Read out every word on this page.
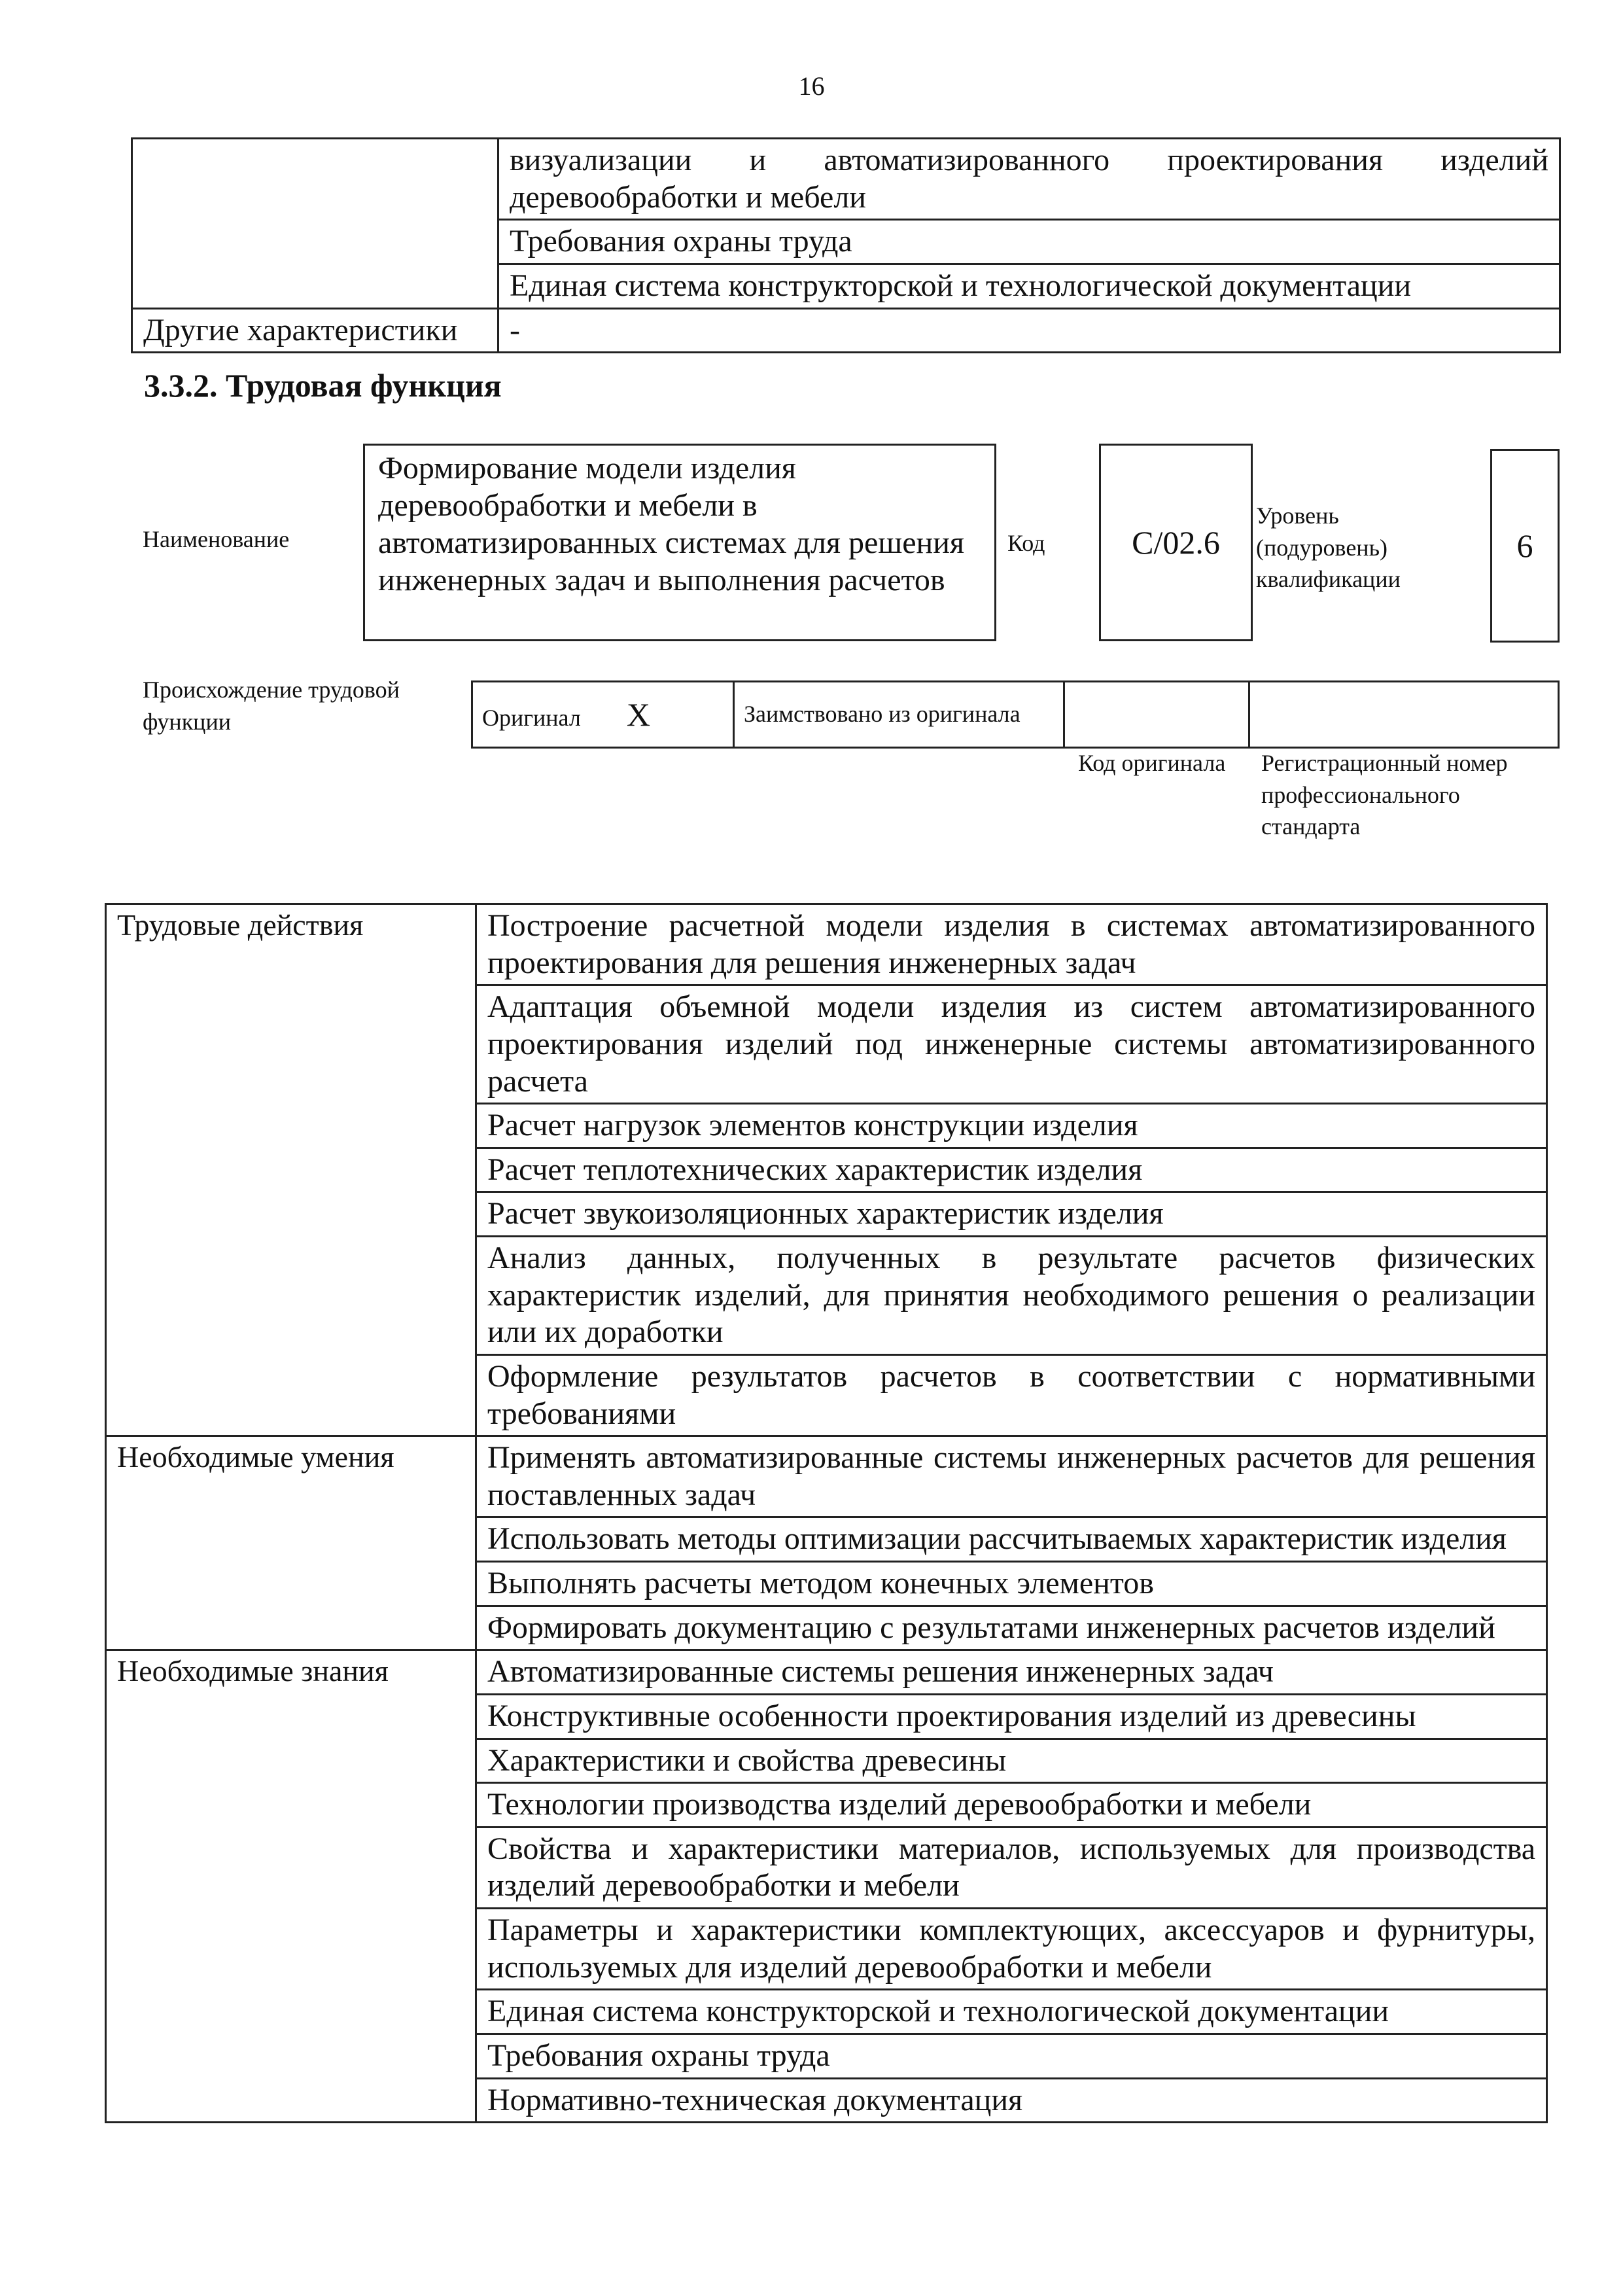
16
	визуализации и автоматизированного проектирования изделий деревообработки и мебели
	Требования охраны труда
	Единая система конструкторской и технологической документации
Другие характеристики	-
3.3.2. Трудовая функция
Наименование
Формирование модели изделия деревообработки и мебели в автоматизированных системах для решения инженерных задач и выполнения расчетов
Код	C/02.6
Уровень (подуровень) квалификации
6
Происхождение трудовой функции	Оригинал X	Заимствовано из оригинала		
Код оригинала	Регистрационный номер профессионального стандарта
Трудовые действия	Построение расчетной модели изделия в системах автоматизированного проектирования для решения инженерных задач
	Адаптация объемной модели изделия из систем автоматизированного проектирования изделий под инженерные системы автоматизированного расчета
	Расчет нагрузок элементов конструкции изделия
	Расчет теплотехнических характеристик изделия
	Расчет звукоизоляционных характеристик изделия
	Анализ данных, полученных в результате расчетов физических характеристик изделий, для принятия необходимого решения о реализации или их доработки
	Оформление результатов расчетов в соответствии с нормативными требованиями
Необходимые умения	Применять автоматизированные системы инженерных расчетов для решения поставленных задач
	Использовать методы оптимизации рассчитываемых характеристик изделия
	Выполнять расчеты методом конечных элементов
	Формировать документацию с результатами инженерных расчетов изделий
Необходимые знания	Автоматизированные системы решения инженерных задач
	Конструктивные особенности проектирования изделий из древесины
	Характеристики и свойства древесины
	Технологии производства изделий деревообработки и мебели
	Свойства и характеристики материалов, используемых для производства изделий деревообработки и мебели
	Параметры и характеристики комплектующих, аксессуаров и фурнитуры, используемых для изделий деревообработки и мебели
	Единая система конструкторской и технологической документации
	Требования охраны труда
	Нормативно-техническая документация
